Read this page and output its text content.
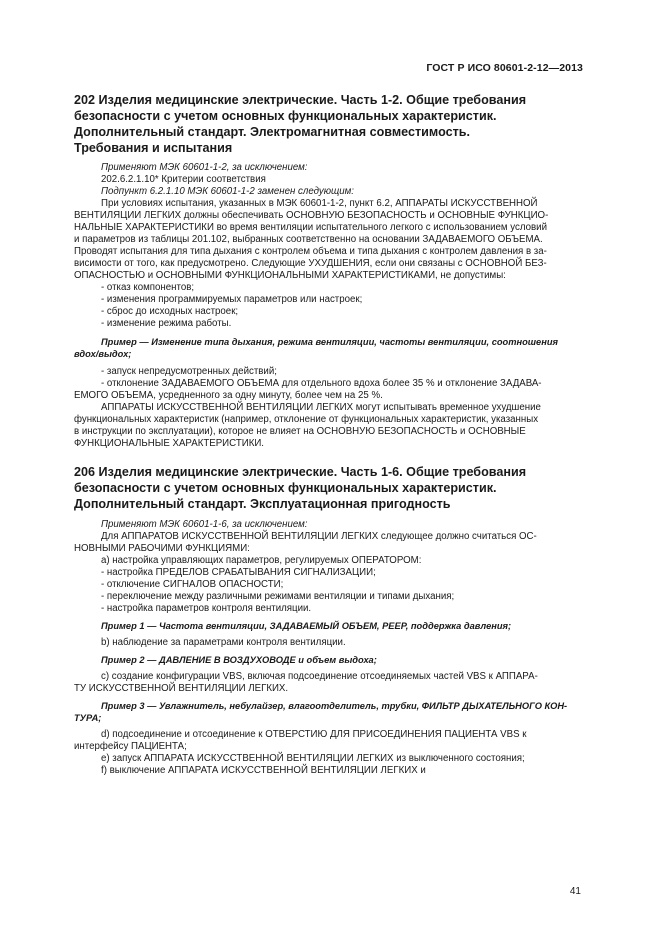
ГОСТ Р ИСО 80601-2-12—2013

202 Изделия медицинские электрические. Часть 1-2. Общие требования

безопасности с учетом основных функциональных характеристик.

Дополнительный стандарт. Электромагнитная совместимость.

Требования и испытания

Применяют МЭК 60601-1-2, за исключением:

202.6.2.1.10* Критерии соответствия

Подпункт 6.2.1.10 МЭК 60601-1-2 заменен следующим:

При условиях испытания, указанных в МЭК 60601-1-2, пункт 6.2, АППАРАТЫ ИСКУССТВЕННОЙ

ВЕНТИЛЯЦИИ ЛЕГКИХ должны обеспечивать ОСНОВНУЮ БЕЗОПАСНОСТЬ и ОСНОВНЫЕ ФУНКЦИО-

НАЛЬНЫЕ ХАРАКТЕРИСТИКИ во время вентиляции испытательного легкого с использованием условий

и параметров из таблицы 201.102, выбранных соответственно на основании ЗАДАВАЕМОГО ОБЪЕМА.

Проводят испытания для типа дыхания с контролем объема и типа дыхания с контролем давления в за-

висимости от того, как предусмотрено. Следующие УХУДШЕНИЯ, если они связаны с ОСНОВНОЙ БЕЗ-

ОПАСНОСТЬЮ и ОСНОВНЫМИ ФУНКЦИОНАЛЬНЫМИ ХАРАКТЕРИСТИКАМИ, не допустимы:

- отказ компонентов;

- изменения программируемых параметров или настроек;

- сброс до исходных настроек;

- изменение режима работы.

Пример — Изменение типа дыхания, режима вентиляции, частоты вентиляции, соотношения

вдох/выдох;

- запуск непредусмотренных действий;

- отклонение ЗАДАВАЕМОГО ОБЪЕМА для отдельного вдоха более 35 % и отклонение ЗАДАВА-

ЕМОГО ОБЪЕМА, усредненного за одну минуту, более чем на 25 %.

АППАРАТЫ ИСКУССТВЕННОЙ ВЕНТИЛЯЦИИ ЛЕГКИХ могут испытывать временное ухудшение

функциональных характеристик (например, отклонение от функциональных характеристик, указанных

в инструкции по эксплуатации), которое не влияет на ОСНОВНУЮ БЕЗОПАСНОСТЬ и ОСНОВНЫЕ

ФУНКЦИОНАЛЬНЫЕ ХАРАКТЕРИСТИКИ.

206 Изделия медицинские электрические. Часть 1-6. Общие требования

безопасности с учетом основных функциональных характеристик.

Дополнительный стандарт. Эксплуатационная пригодность

Применяют МЭК 60601-1-6, за исключением:

Для АППАРАТОВ ИСКУССТВЕННОЙ ВЕНТИЛЯЦИИ ЛЕГКИХ следующее должно считаться ОС-

НОВНЫМИ РАБОЧИМИ ФУНКЦИЯМИ:

a) настройка управляющих параметров, регулируемых ОПЕРАТОРОМ:

- настройка ПРЕДЕЛОВ СРАБАТЫВАНИЯ СИГНАЛИЗАЦИИ;

- отключение СИГНАЛОВ ОПАСНОСТИ;

- переключение между различными режимами вентиляции и типами дыхания;

- настройка параметров контроля вентиляции.

Пример 1 — Частота вентиляции, ЗАДАВАЕМЫЙ ОБЪЕМ, PEEP, поддержка давления;

b) наблюдение за параметрами контроля вентиляции.

Пример 2 — ДАВЛЕНИЕ В ВОЗДУХОВОДЕ и объем выдоха;

c) создание конфигурации VBS, включая подсоединение отсоединяемых частей VBS к АППАРА-

ТУ ИСКУССТВЕННОЙ ВЕНТИЛЯЦИИ ЛЕГКИХ.

Пример 3 — Увлажнитель, небулайзер, влагоотделитель, трубки, ФИЛЬТР ДЫХАТЕЛЬНОГО КОН-

ТУРА;

d) подсоединение и отсоединение к ОТВЕРСТИЮ ДЛЯ ПРИСОЕДИНЕНИЯ ПАЦИЕНТА VBS к

интерфейсу ПАЦИЕНТА;

e) запуск АППАРАТА ИСКУССТВЕННОЙ ВЕНТИЛЯЦИИ ЛЕГКИХ из выключенного состояния;

f) выключение АППАРАТА ИСКУССТВЕННОЙ ВЕНТИЛЯЦИИ ЛЕГКИХ и

41
